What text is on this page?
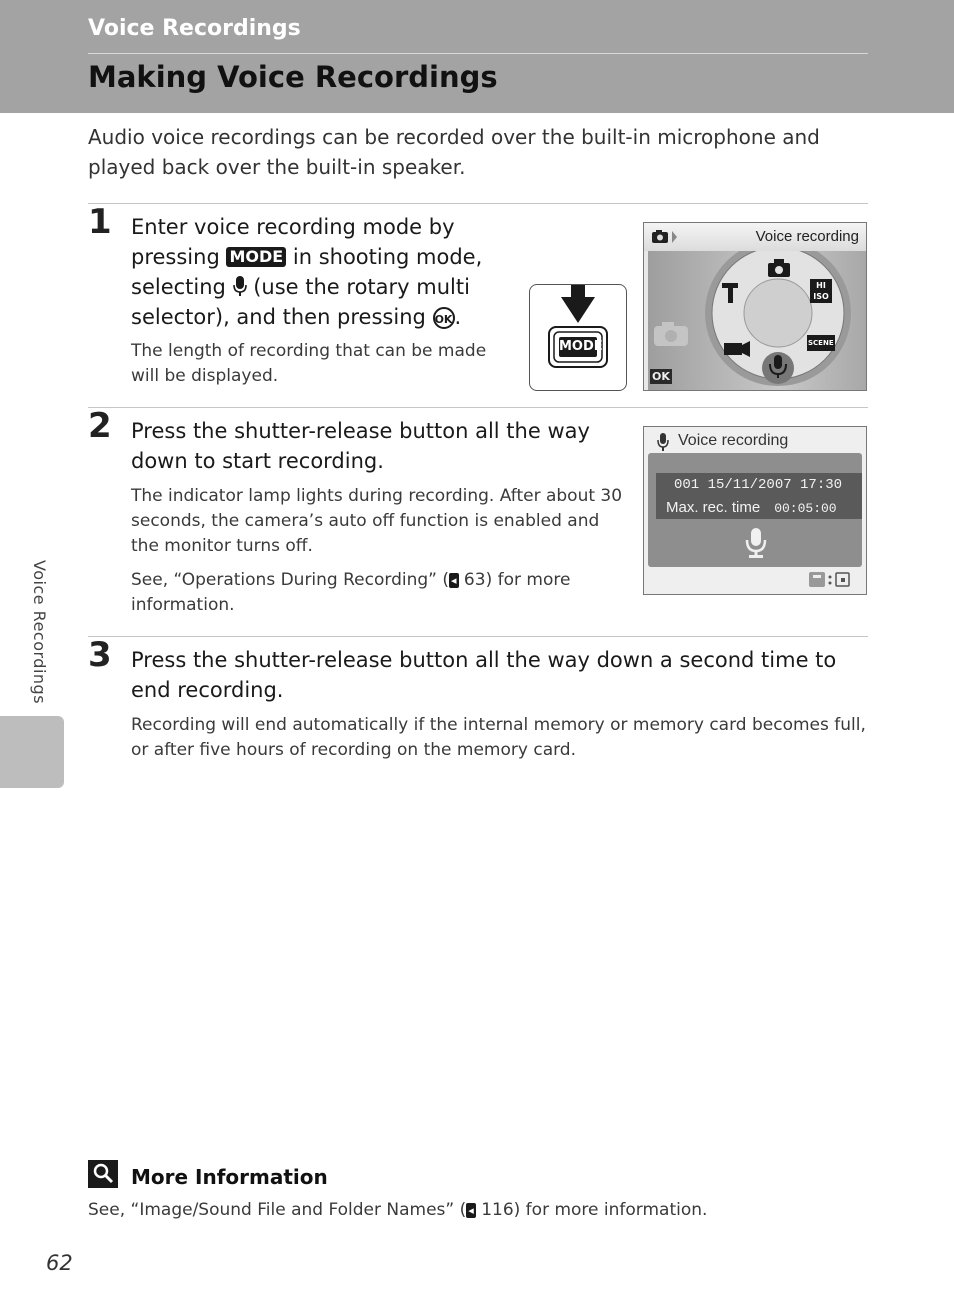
Voice Recordings
Making Voice Recordings
Audio voice recordings can be recorded over the built-in microphone and played back over the built-in speaker.
1 Enter voice recording mode by pressing MODE in shooting mode, selecting  (use the rotary multi selector), and then pressing OK.
The length of recording that can be made will be displayed.
MODE
Voice recording
OK
HI ISO
SCENE
2 Press the shutter-release button all the way down to start recording.
The indicator lamp lights during recording. After about 30 seconds, the camera’s auto off function is enabled and the monitor turns off.
See, “Operations During Recording” ( ◂ 63) for more information.
Voice recording
001 15/11/2007 17:30
Max. rec. time 00:05:00
3 Press the shutter-release button all the way down a second time to end recording.
Recording will end automatically if the internal memory or memory card becomes full, or after five hours of recording on the memory card.
Voice Recordings
More Information
See, “Image/Sound File and Folder Names” ( ◂ 116) for more information.
62
